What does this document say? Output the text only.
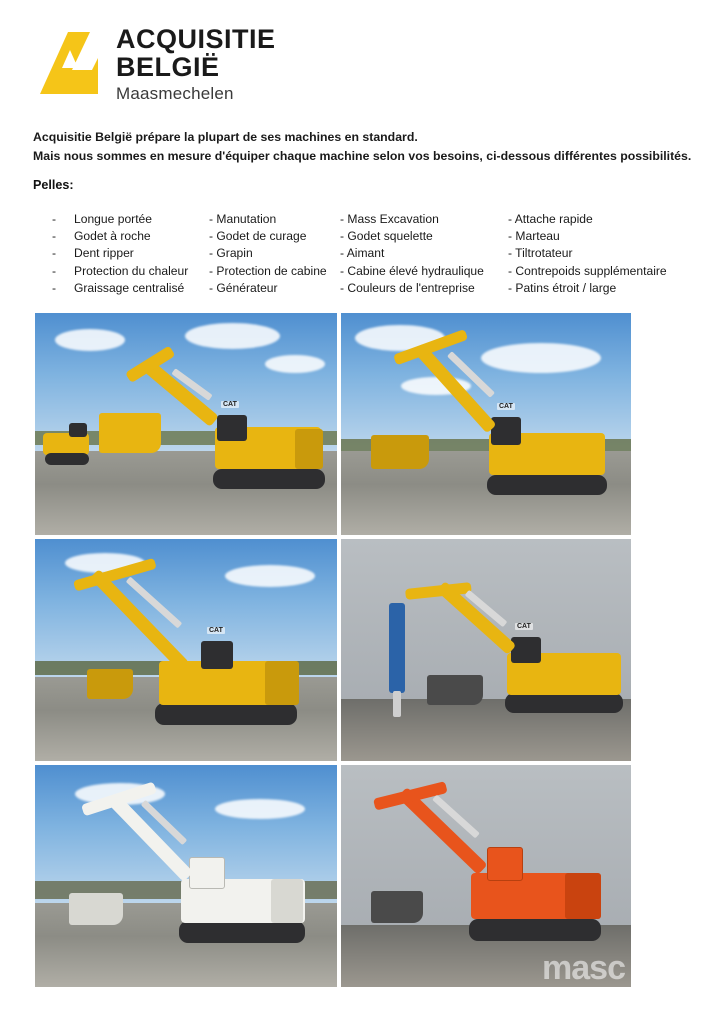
ACQUISITIE
BELGIË
Maasmechelen

Acquisitie België prépare la plupart de ses machines en standard.

Mais nous sommes en mesure d'équiper chaque machine selon vos besoins, ci-dessous différentes possibilités.

Pelles:
-	Longue portée	- Manutation	- Mass Excavation	- Attache rapide
-	Godet à roche	- Godet de curage	- Godet squelette	- Marteau
-	Dent ripper	- Grapin	- Aimant	- Tiltrotateur
-	Protection du chaleur	- Protection de cabine	- Cabine élevé hydraulique	- Contrepoids supplémentaire
-	Graissage centralisé	- Générateur	- Couleurs de l'entreprise	- Patins étroit / large
CAT	CAT
CAT
CAT
masc
